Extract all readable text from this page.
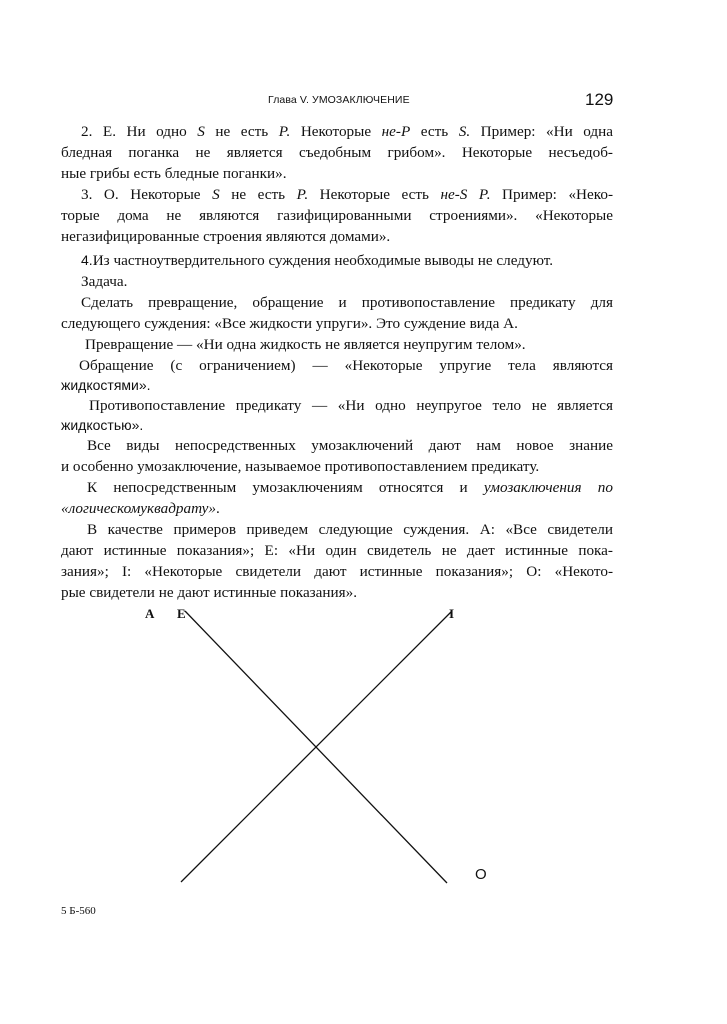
Глава V. УМОЗАКЛЮЧЕНИЕ	129
2. Е. Ни одно S не есть Р. Некоторые не-Р есть S. Пример: «Ни одна
бледная поганка не является съедобным грибом». Некоторые несъедоб-
ные грибы есть бледные поганки».
3. О. Некоторые S не есть Р. Некоторые есть не-S Р. Пример: «Неко-
торые дома не являются газифицированными строениями». «Некоторые
негазифицированные строения являются домами».
4.Из частноутвердительного суждения необходимые выводы не следуют.
Задача.
Сделать превращение, обращение и противопоставление предикату для
следующего суждения: «Все жидкости упруги». Это суждение вида А.
Превращение — «Ни одна жидкость не является неупругим телом».
Обращение (с ограничением) — «Некоторые упругие тела являются
жидкостями».
Противопоставление предикату — «Ни одно неупругое тело не является
жидкостью».
Все виды непосредственных умозаключений дают нам новое знание
и особенно умозаключение, называемое противопоставлением предикату.
К непосредственным умозаключениям относятся и умозаключения по
«логическомуквадрату».
В качестве примеров приведем следующие суждения. А: «Все свидетели
дают истинные показания»; Е: «Ни один свидетель не дает истинные пока-
зания»; I: «Некоторые свидетели дают истинные показания»; О: «Некото-
рые свидетели не дают истинные показания».
А Е	I
О
5 Б-560
